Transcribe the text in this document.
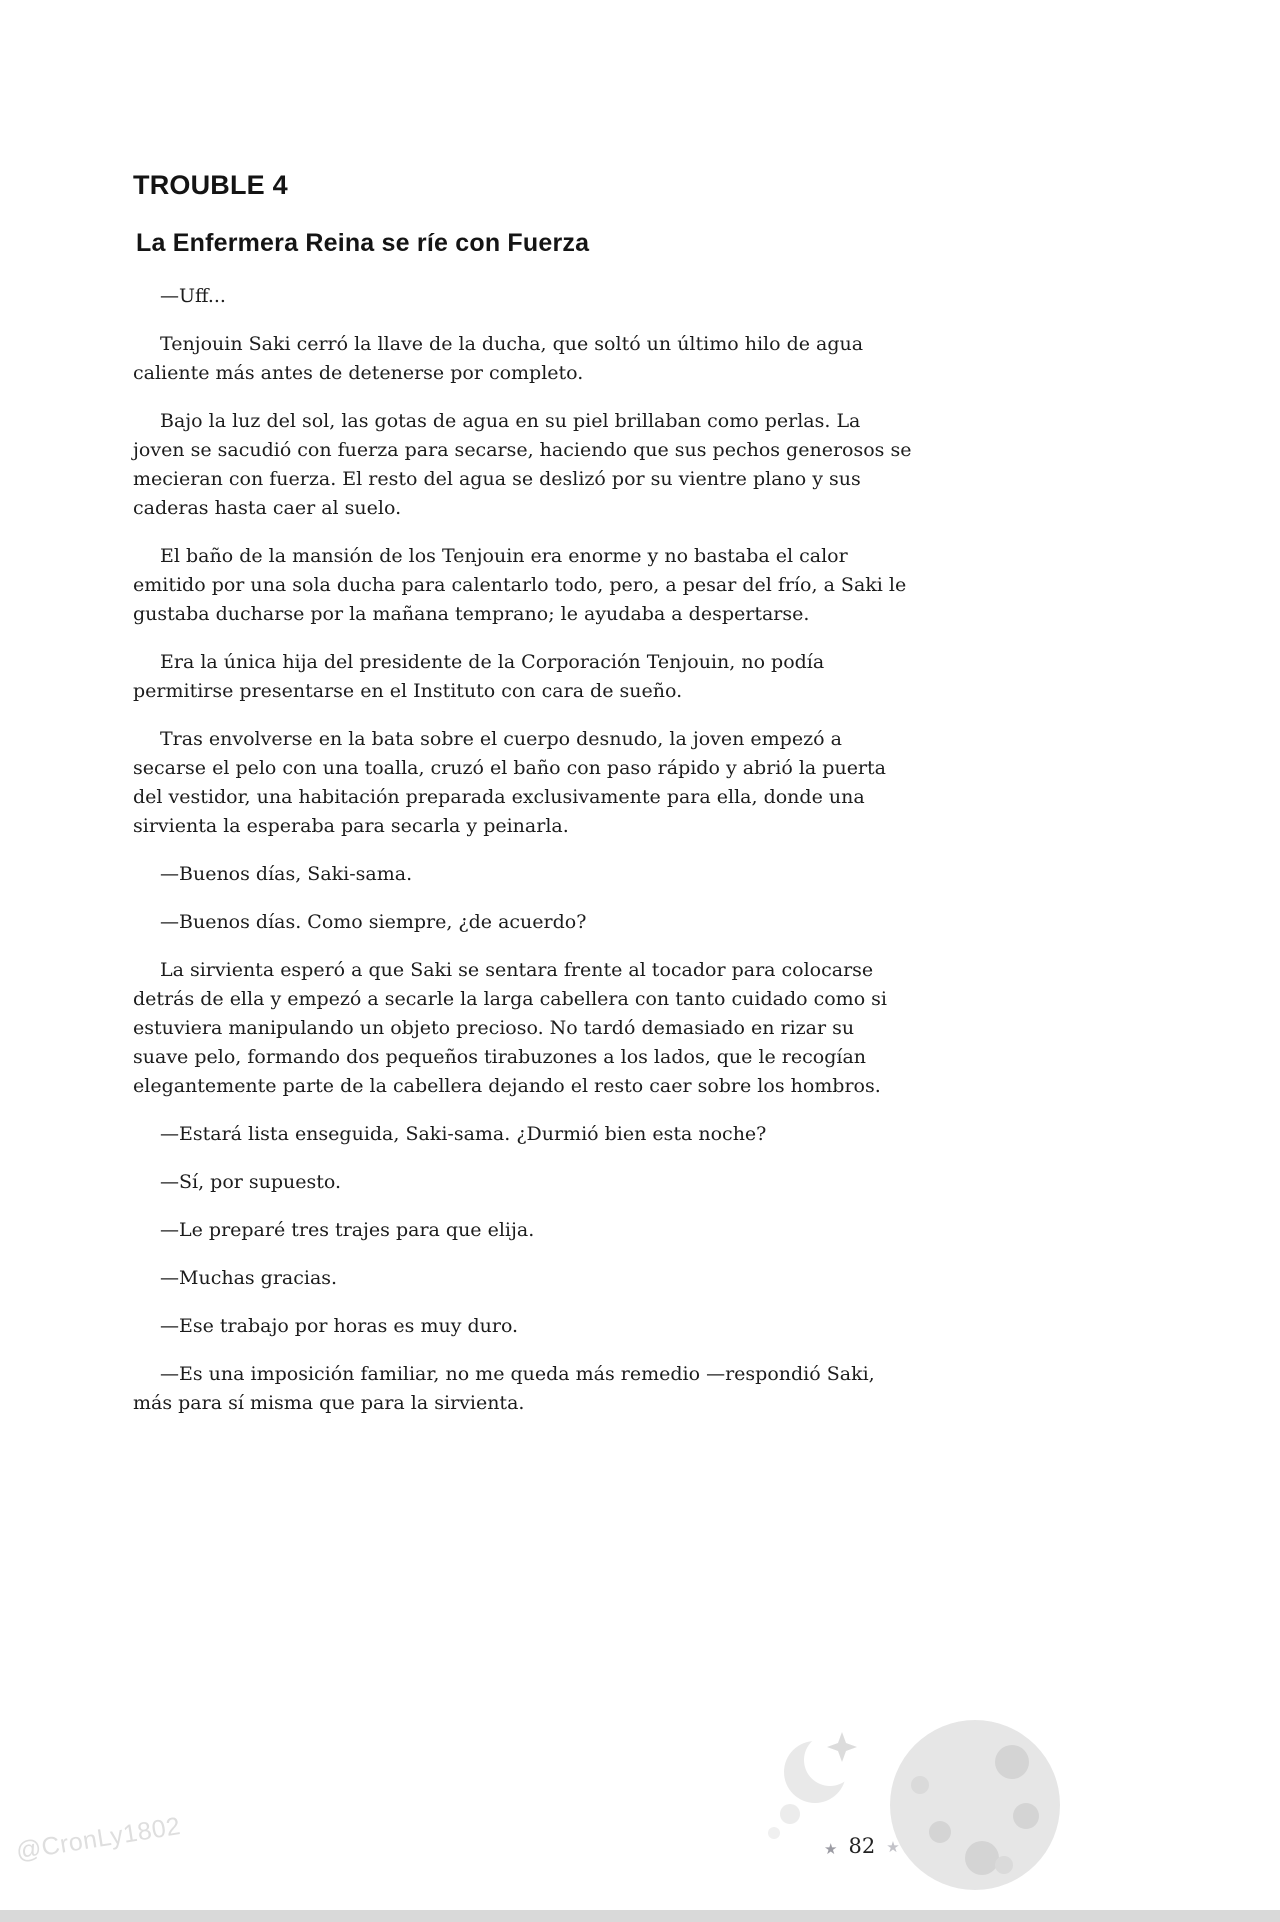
TROUBLE 4
La Enfermera Reina se ríe con Fuerza

—Uff...

Tenjouin Saki cerró la llave de la ducha, que soltó un último hilo de agua caliente más antes de detenerse por completo.

Bajo la luz del sol, las gotas de agua en su piel brillaban como perlas. La joven se sacudió con fuerza para secarse, haciendo que sus pechos generosos se mecieran con fuerza. El resto del agua se deslizó por su vientre plano y sus caderas hasta caer al suelo.

El baño de la mansión de los Tenjouin era enorme y no bastaba el calor emitido por una sola ducha para calentarlo todo, pero, a pesar del frío, a Saki le gustaba ducharse por la mañana temprano; le ayudaba a despertarse.

Era la única hija del presidente de la Corporación Tenjouin, no podía permitirse presentarse en el Instituto con cara de sueño.

Tras envolverse en la bata sobre el cuerpo desnudo, la joven empezó a secarse el pelo con una toalla, cruzó el baño con paso rápido y abrió la puerta del vestidor, una habitación preparada exclusivamente para ella, donde una sirvienta la esperaba para secarla y peinarla.

—Buenos días, Saki-sama.

—Buenos días. Como siempre, ¿de acuerdo?

La sirvienta esperó a que Saki se sentara frente al tocador para colocarse detrás de ella y empezó a secarle la larga cabellera con tanto cuidado como si estuviera manipulando un objeto precioso. No tardó demasiado en rizar su suave pelo, formando dos pequeños tirabuzones a los lados, que le recogían elegantemente parte de la cabellera dejando el resto caer sobre los hombros.

—Estará lista enseguida, Saki-sama. ¿Durmió bien esta noche?

—Sí, por supuesto.

—Le preparé tres trajes para que elija.

—Muchas gracias.

—Ese trabajo por horas es muy duro.

—Es una imposición familiar, no me queda más remedio —respondió Saki, más para sí misma que para la sirvienta.

★ 82 ★
@CronLy1802
